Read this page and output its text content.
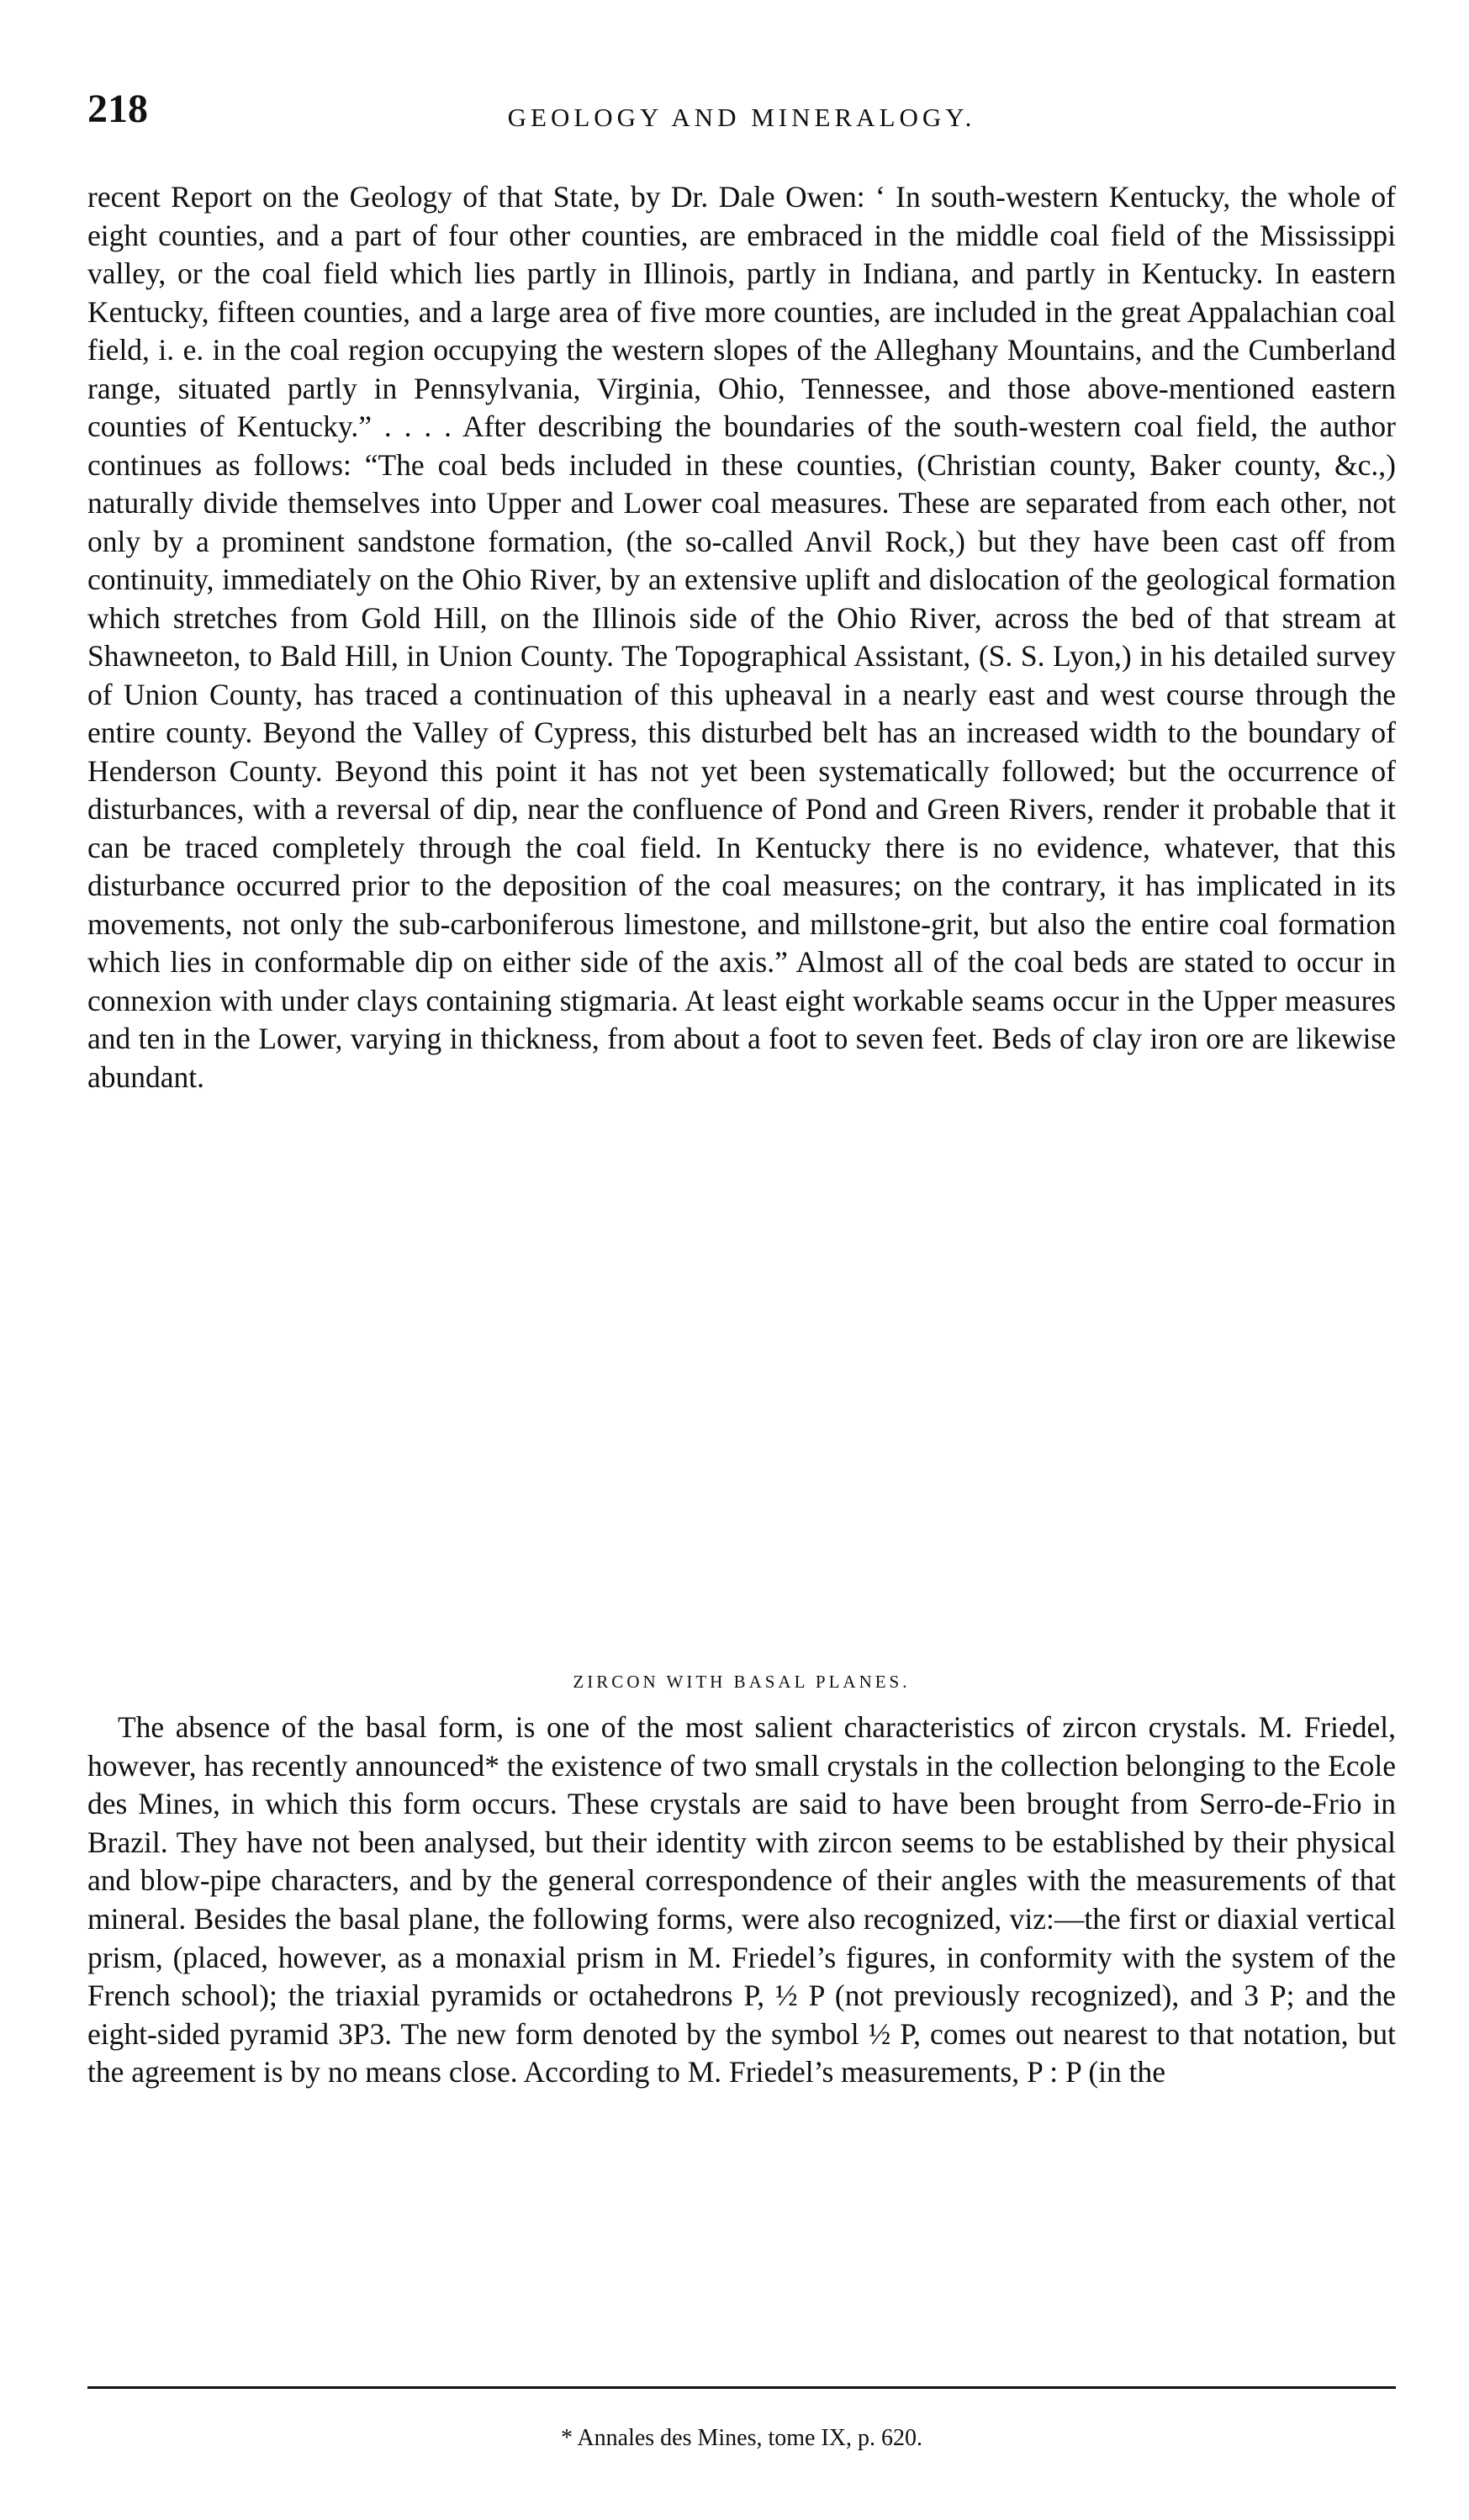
218	GEOLOGY AND MINERALOGY.

recent Report on the Geology of that State, by Dr. Dale Owen: ‘ In south-western Kentucky, the whole of eight counties, and a part of four other counties, are embraced in the middle coal field of the Mississippi valley, or the coal field which lies partly in Illinois, partly in Indiana, and partly in Kentucky. In eastern Kentucky, fifteen counties, and a large area of five more counties, are included in the great Appalachian coal field, i. e. in the coal region occupying the western slopes of the Alleghany Mountains, and the Cumberland range, situated partly in Pennsylvania, Virginia, Ohio, Tennessee, and those above-mentioned eastern counties of Kentucky.” . . . . After describing the boundaries of the south-western coal field, the author continues as follows: “The coal beds included in these counties, (Christian county, Baker county, &c.,) naturally divide themselves into Upper and Lower coal measures. These are separated from each other, not only by a prominent sandstone formation, (the so-called Anvil Rock,) but they have been cast off from continuity, immediately on the Ohio River, by an extensive uplift and dislocation of the geological formation which stretches from Gold Hill, on the Illinois side of the Ohio River, across the bed of that stream at Shawneeton, to Bald Hill, in Union County. The Topographical Assistant, (S. S. Lyon,) in his detailed survey of Union County, has traced a continuation of this upheaval in a nearly east and west course through the entire county. Beyond the Valley of Cypress, this disturbed belt has an increased width to the boundary of Henderson County. Beyond this point it has not yet been systematically followed; but the occurrence of disturbances, with a reversal of dip, near the confluence of Pond and Green Rivers, render it probable that it can be traced completely through the coal field. In Kentucky there is no evidence, whatever, that this disturbance occurred prior to the deposition of the coal measures; on the contrary, it has implicated in its movements, not only the sub-carboniferous limestone, and millstone-grit, but also the entire coal formation which lies in conformable dip on either side of the axis.” Almost all of the coal beds are stated to occur in connexion with under clays containing stigmaria. At least eight workable seams occur in the Upper measures and ten in the Lower, varying in thickness, from about a foot to seven feet. Beds of clay iron ore are likewise abundant.

ZIRCON WITH BASAL PLANES.

The absence of the basal form, is one of the most salient characteristics of zircon crystals. M. Friedel, however, has recently announced* the existence of two small crystals in the collection belonging to the Ecole des Mines, in which this form occurs. These crystals are said to have been brought from Serro-de-Frio in Brazil. They have not been analysed, but their identity with zircon seems to be established by their physical and blow-pipe characters, and by the general correspondence of their angles with the measurements of that mineral. Besides the basal plane, the following forms, were also recognized, viz:—the first or diaxial vertical prism, (placed, however, as a monaxial prism in M. Friedel’s figures, in conformity with the system of the French school); the triaxial pyramids or octahedrons P, ½ P (not previously recognized), and 3 P; and the eight-sided pyramid 3P3. The new form denoted by the symbol ½ P, comes out nearest to that notation, but the agreement is by no means close. According to M. Friedel’s measurements, P : P (in the

* Annales des Mines, tome IX, p. 620.
